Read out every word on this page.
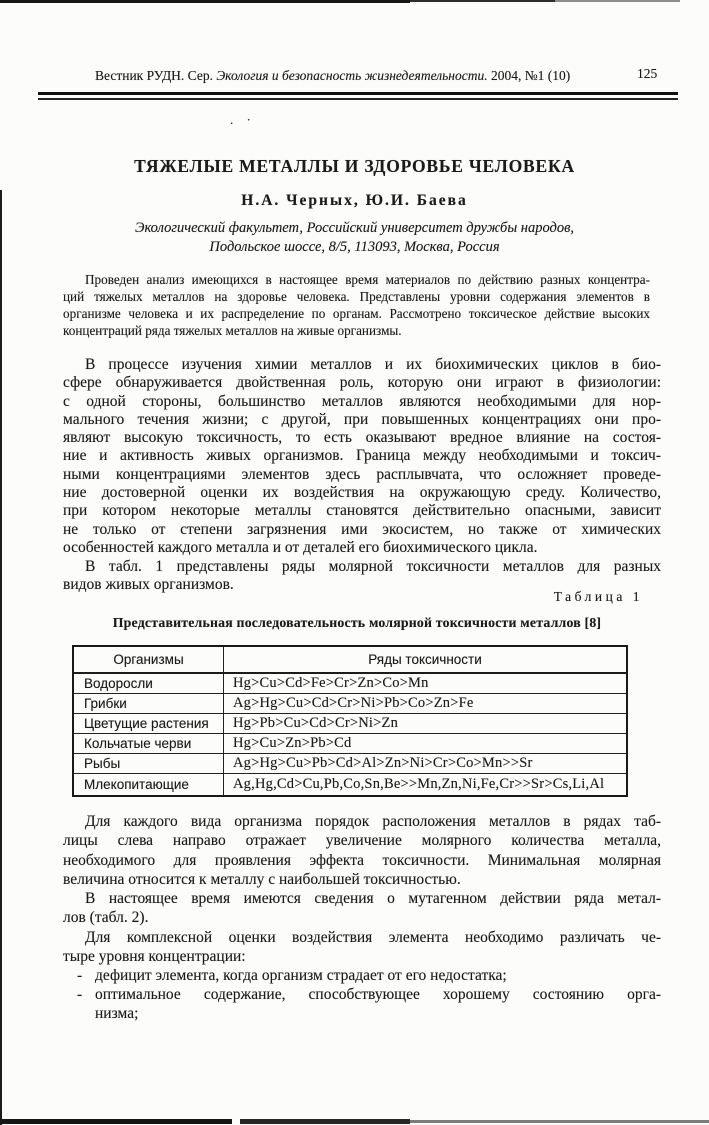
Вестник РУДН. Сер. Экология и безопасность жизнедеятельности. 2004, №1 (10)	125
. ·
ТЯЖЕЛЫЕ МЕТАЛЛЫ И ЗДОРОВЬЕ ЧЕЛОВЕКА
Н.А. Черных, Ю.И. Баева
Экологический факультет, Российский университет дружбы народов,
Подольское шоссе, 8/5, 113093, Москва, Россия
Проведен анализ имеющихся в настоящее время материалов по действию разных концентра-
ций тяжелых металлов на здоровье человека. Представлены уровни содержания элементов в
организме человека и их распределение по органам. Рассмотрено токсическое действие высоких
концентраций ряда тяжелых металлов на живые организмы.
В процессе изучения химии металлов и их биохимических циклов в био-
сфере обнаруживается двойственная роль, которую они играют в физиологии:
с одной стороны, большинство металлов являются необходимыми для нор-
мального течения жизни; с другой, при повышенных концентрациях они про-
являют высокую токсичность, то есть оказывают вредное влияние на состоя-
ние и активность живых организмов. Граница между необходимыми и токсич-
ными концентрациями элементов здесь расплывчата, что осложняет проведе-
ние достоверной оценки их воздействия на окружающую среду. Количество,
при котором некоторые металлы становятся действительно опасными, зависит
не только от степени загрязнения ими экосистем, но также от химических
особенностей каждого металла и от деталей его биохимического цикла.
В табл. 1 представлены ряды молярной токсичности металлов для разных
видов живых организмов.
Таблица 1
Представительная последовательность молярной токсичности металлов [8]
Организмы	Ряды токсичности
Водоросли	Hg>Cu>Cd>Fe>Cr>Zn>Co>Mn
Грибки	Ag>Hg>Cu>Cd>Cr>Ni>Pb>Co>Zn>Fe
Цветущие растения	Hg>Pb>Cu>Cd>Cr>Ni>Zn
Кольчатые черви	Hg>Cu>Zn>Pb>Cd
Рыбы	Ag>Hg>Cu>Pb>Cd>Al>Zn>Ni>Cr>Co>Mn>>Sr
Млекопитающие	Ag,Hg,Cd>Cu,Pb,Co,Sn,Be>>Mn,Zn,Ni,Fe,Cr>>Sr>Cs,Li,Al
Для каждого вида организма порядок расположения металлов в рядах таб-
лицы слева направо отражает увеличение молярного количества металла,
необходимого для проявления эффекта токсичности. Минимальная молярная
величина относится к металлу с наибольшей токсичностью.
В настоящее время имеются сведения о мутагенном действии ряда метал-
лов (табл. 2).
Для комплексной оценки воздействия элемента необходимо различать че-
тыре уровня концентрации:
- дефицит элемента, когда организм страдает от его недостатка;
- оптимальное содержание, способствующее хорошему состоянию орга-
низма;
